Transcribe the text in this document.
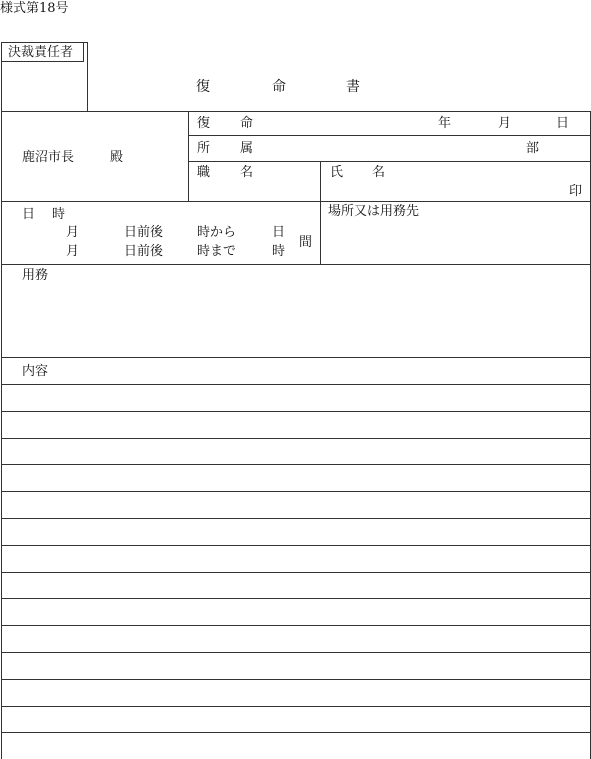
様式第18号
決裁責任者
復	命	書
鹿沼市長	殿
復 命	年	月	日
所 属	部
職 名	氏 名
印
日 時
月	日前後	時から	日
月	日前後	時まで	時
間
場所又は用務先
用務
内容
